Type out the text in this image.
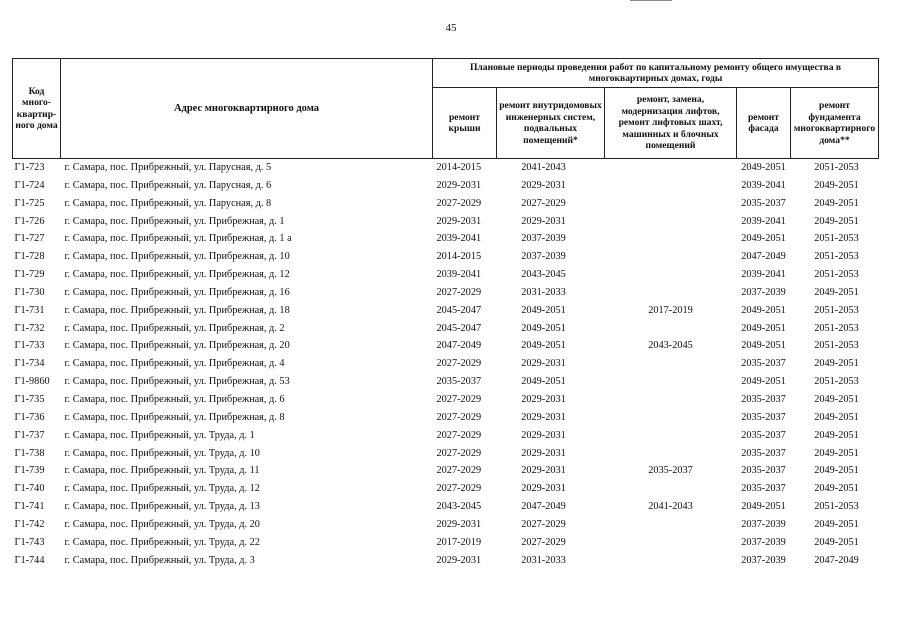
45
Код много-квартир-ного дома	Адрес многоквартирного дома	Плановые периоды проведения работ по капитальному ремонту общего имущества в многоквартирных домах, годы				
		ремонт крыши	ремонт внутридомовых инженерных систем, подвальных помещений*	ремонт, замена, модернизация лифтов, ремонт лифтовых шахт, машинных и блочных помещений	ремонт фасада	ремонт фундамента многоквартирного дома**
Г1-723	г. Самара, пос. Прибрежный, ул. Парусная, д. 5	2014-2015	2041-2043		2049-2051	2051-2053
Г1-724	г. Самара, пос. Прибрежный, ул. Парусная, д. 6	2029-2031	2029-2031		2039-2041	2049-2051
Г1-725	г. Самара, пос. Прибрежный, ул. Парусная, д. 8	2027-2029	2027-2029		2035-2037	2049-2051
Г1-726	г. Самара, пос. Прибрежный, ул. Прибрежная, д. 1	2029-2031	2029-2031		2039-2041	2049-2051
Г1-727	г. Самара, пос. Прибрежный, ул. Прибрежная, д. 1 а	2039-2041	2037-2039		2049-2051	2051-2053
Г1-728	г. Самара, пос. Прибрежный, ул. Прибрежная, д. 10	2014-2015	2037-2039		2047-2049	2051-2053
Г1-729	г. Самара, пос. Прибрежный, ул. Прибрежная, д. 12	2039-2041	2043-2045		2039-2041	2051-2053
Г1-730	г. Самара, пос. Прибрежный, ул. Прибрежная, д. 16	2027-2029	2031-2033		2037-2039	2049-2051
Г1-731	г. Самара, пос. Прибрежный, ул. Прибрежная, д. 18	2045-2047	2049-2051	2017-2019	2049-2051	2051-2053
Г1-732	г. Самара, пос. Прибрежный, ул. Прибрежная, д. 2	2045-2047	2049-2051		2049-2051	2051-2053
Г1-733	г. Самара, пос. Прибрежный, ул. Прибрежная, д. 20	2047-2049	2049-2051	2043-2045	2049-2051	2051-2053
Г1-734	г. Самара, пос. Прибрежный, ул. Прибрежная, д. 4	2027-2029	2029-2031		2035-2037	2049-2051
Г1-9860	г. Самара, пос. Прибрежный, ул. Прибрежная, д. 53	2035-2037	2049-2051		2049-2051	2051-2053
Г1-735	г. Самара, пос. Прибрежный, ул. Прибрежная, д. 6	2027-2029	2029-2031		2035-2037	2049-2051
Г1-736	г. Самара, пос. Прибрежный, ул. Прибрежная, д. 8	2027-2029	2029-2031		2035-2037	2049-2051
Г1-737	г. Самара, пос. Прибрежный, ул. Труда, д. 1	2027-2029	2029-2031		2035-2037	2049-2051
Г1-738	г. Самара, пос. Прибрежный, ул. Труда, д. 10	2027-2029	2029-2031		2035-2037	2049-2051
Г1-739	г. Самара, пос. Прибрежный, ул. Труда, д. 11	2027-2029	2029-2031	2035-2037	2035-2037	2049-2051
Г1-740	г. Самара, пос. Прибрежный, ул. Труда, д. 12	2027-2029	2029-2031		2035-2037	2049-2051
Г1-741	г. Самара, пос. Прибрежный, ул. Труда, д. 13	2043-2045	2047-2049	2041-2043	2049-2051	2051-2053
Г1-742	г. Самара, пос. Прибрежный, ул. Труда, д. 20	2029-2031	2027-2029		2037-2039	2049-2051
Г1-743	г. Самара, пос. Прибрежный, ул. Труда, д. 22	2017-2019	2027-2029		2037-2039	2049-2051
Г1-744	г. Самара, пос. Прибрежный, ул. Труда, д. 3	2029-2031	2031-2033		2037-2039	2047-2049
